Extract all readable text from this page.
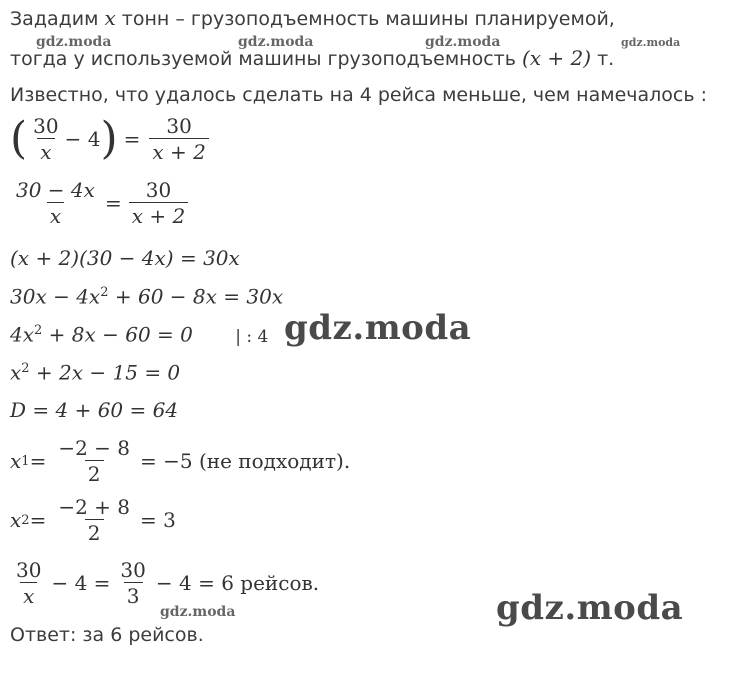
Зададим x тонн – грузоподъемность машины планируемой,
тогда у используемой машины грузоподъемность (x + 2) т.
Известно, что удалось сделать на 4 рейса меньше, чем намечалось :
( $\frac{30}{x} - 4$ ) = $\frac{30}{x + 2}$
$\frac{30 - 4x}{x} = \frac{30}{x + 2}$
(x + 2)(30 − 4x) = 30x
$30x - 4x^2 + 60 - 8x = 30x$
$4x^2 + 8x - 60 = 0$ | : 4
$x^2 + 2x - 15 = 0$
D = 4 + 60 = 64
x $1 = \frac{-2 - 8}{2} = -5$ (не подходит).
x $2 = \frac{-2 + 8}{2} = 3$
$\frac{30}{x} - 4 = \frac{30}{3} - 4 = 6$ рейсов.
Ответ: за 6 рейсов.
gdz.moda	gdz.moda	gdz.moda	gdz.moda
gdz.moda
gdz.moda	gdz.moda
